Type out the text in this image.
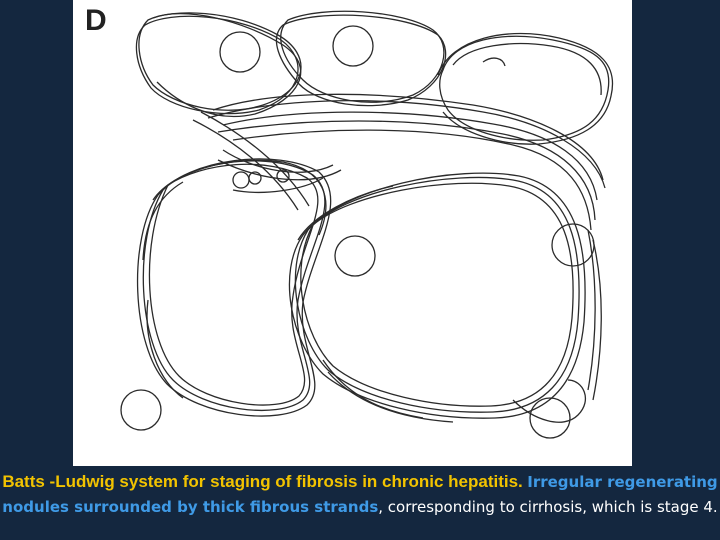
D
Batts -Ludwig system for staging of fibrosis in chronic hepatitis. Irregular regenerating nodules surrounded by thick fibrous strands, corresponding to cirrhosis, which is stage 4.
